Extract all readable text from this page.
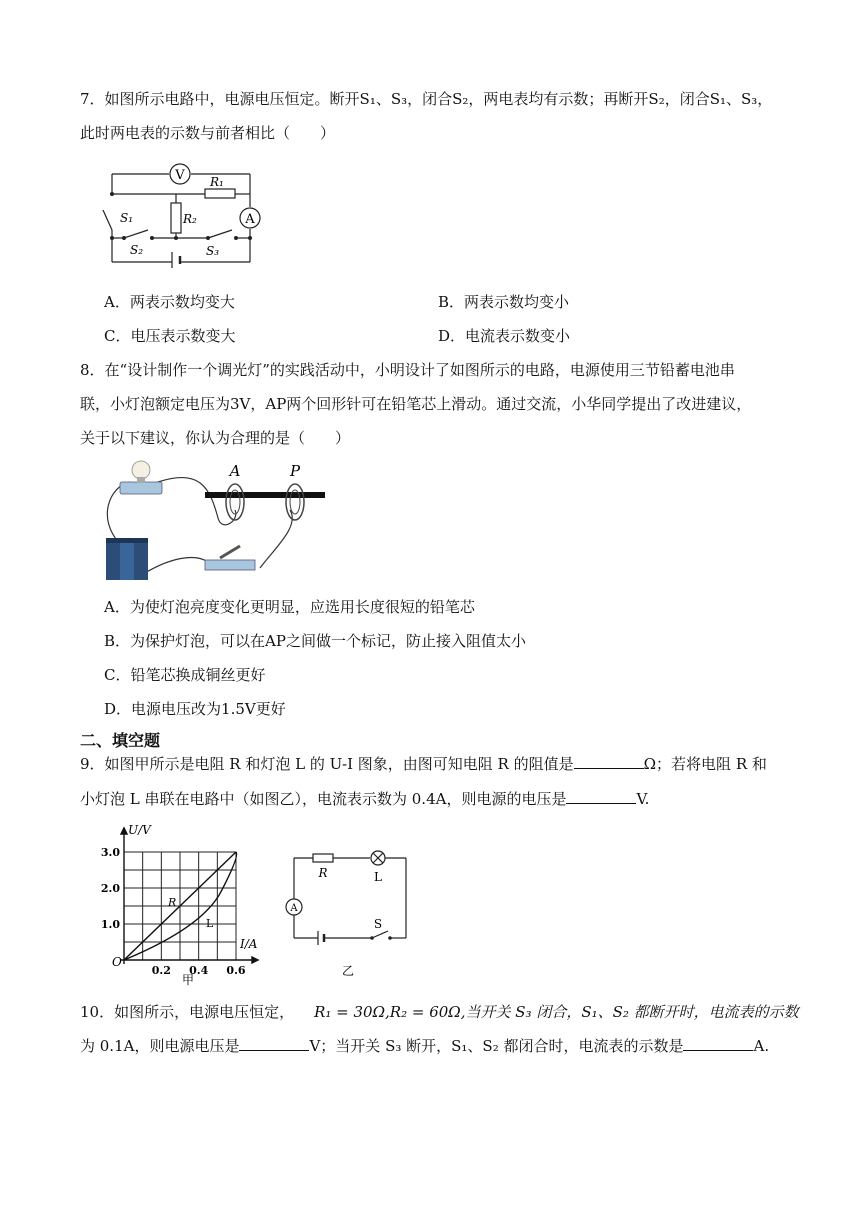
7．如图所示电路中，电源电压恒定。断开S₁、S₃，闭合S₂，两电表均有示数；再断开S₂，闭合S₁、S₃，
此时两电表的示数与前者相比（　　）
V
A
R₁
R₂
S₁
S₂	S₃
A．两表示数均变大	B．两表示数均变小
C．电压表示数变大	D．电流表示数变小
8．在“设计制作一个调光灯”的实践活动中，小明设计了如图所示的电路，电源使用三节铅蓄电池串
联，小灯泡额定电压为3V，AP两个回形针可在铅笔芯上滑动。通过交流，小华同学提出了改进建议，
关于以下建议，你认为合理的是（　　）
A	P
A．为使灯泡亮度变化更明显，应选用长度很短的铅笔芯
B．为保护灯泡，可以在AP之间做一个标记，防止接入阻值太小
C．铅笔芯换成铜丝更好
D．电源电压改为1.5V更好
二、填空题
9．如图甲所示是电阻 R 和灯泡 L 的 U-I 图象，由图可知电阻 R 的阻值是	Ω；若将电阻 R 和
小灯泡 L 串联在电路中（如图乙），电流表示数为 0.4A，则电源的电压是	V.
1.0
2.0
3.0
0.2 0.4 0.6
U/V
I/A
O
R
L
甲
R	L
A
S
乙
10．如图所示，电源电压恒定， R₁ = 30Ω,R₂ = 60Ω,当开关 S₃ 闭合，S₁、S₂ 都断开时，电流表的示数
为 0.1A，则电源电压是	V；当开关 S₃ 断开，S₁、S₂ 都闭合时，电流表的示数是	A.
